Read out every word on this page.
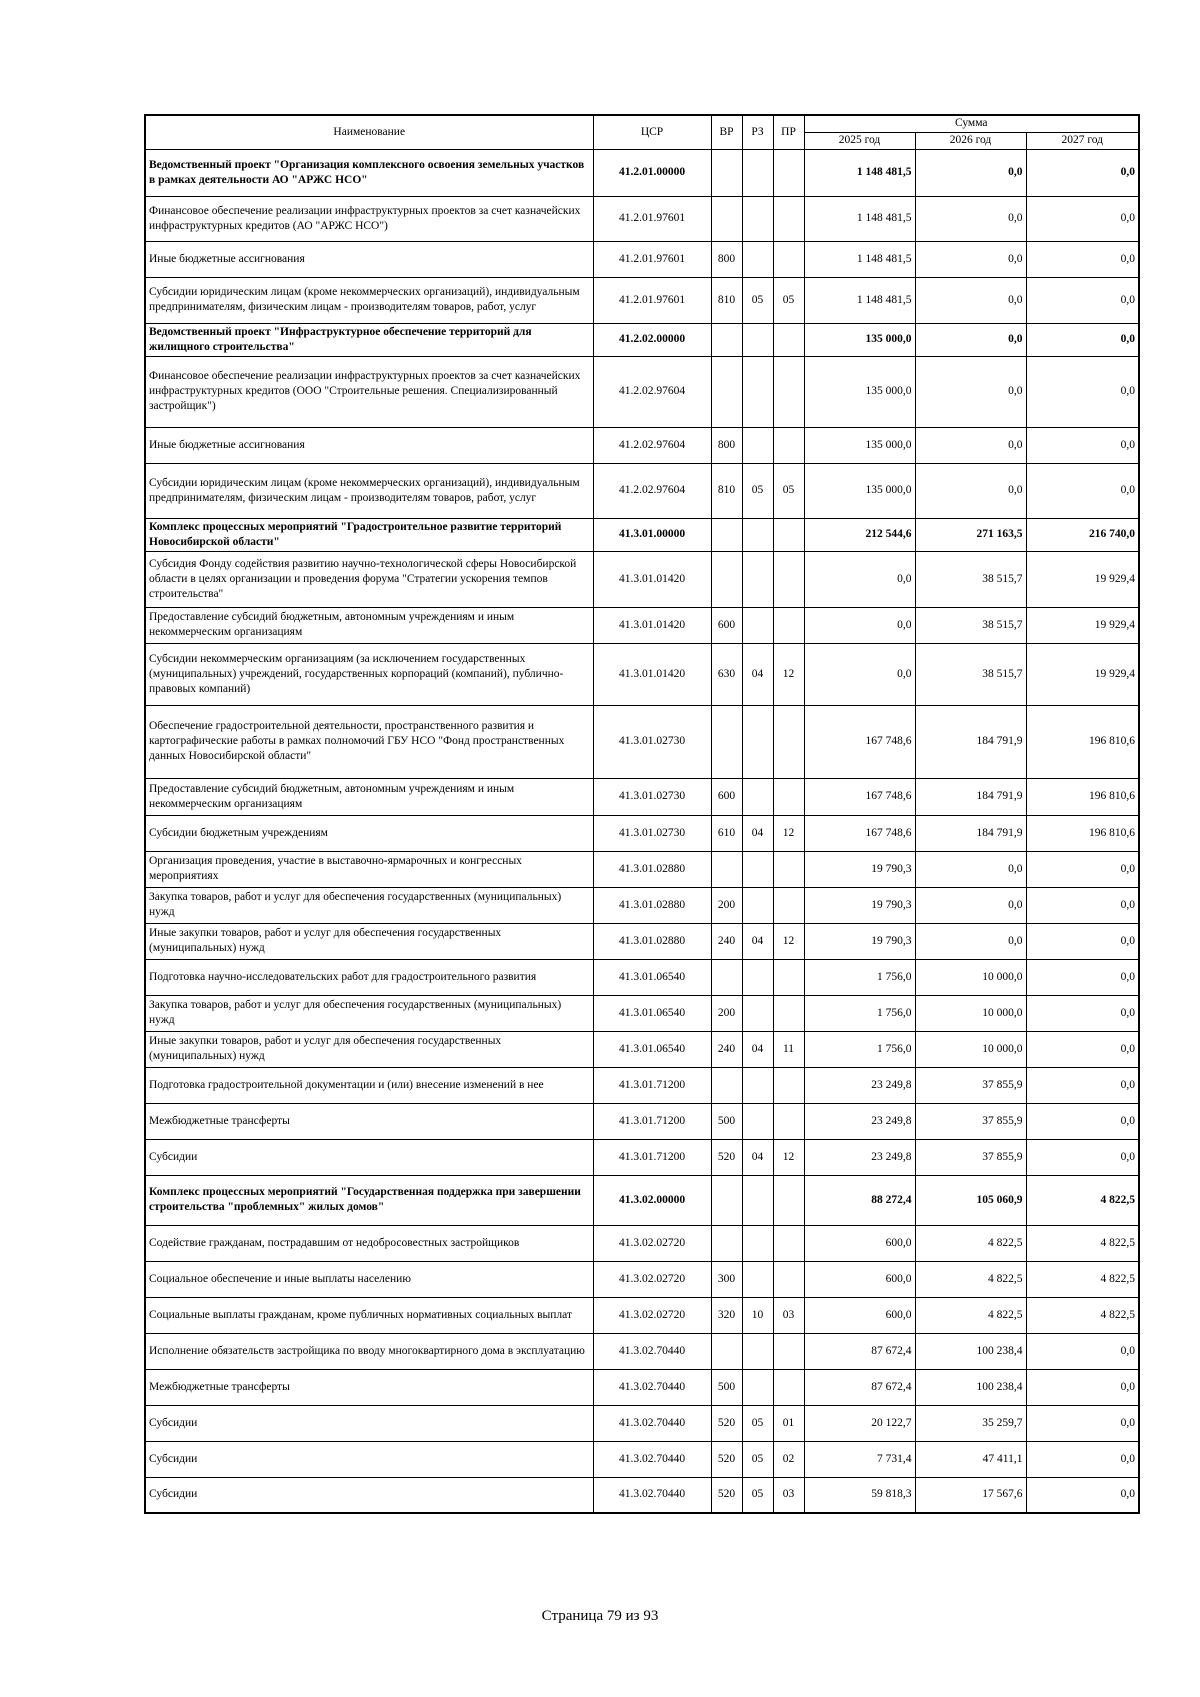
Наименование	ЦСР	ВР	РЗ	ПР	Сумма		
					2025 год	2026 год	2027 год
Ведомственный проект "Организация комплексного освоения земельных участков в рамках деятельности АО "АРЖС НСО"	41.2.01.00000				1 148 481,5	0,0	0,0
Финансовое обеспечение реализации инфраструктурных проектов за счет казначейских инфраструктурных кредитов (АО "АРЖС НСО")	41.2.01.97601				1 148 481,5	0,0	0,0
Иные бюджетные ассигнования	41.2.01.97601	800			1 148 481,5	0,0	0,0
Субсидии юридическим лицам (кроме некоммерческих организаций), индивидуальным предпринимателям, физическим лицам - производителям товаров, работ, услуг	41.2.01.97601	810	05	05	1 148 481,5	0,0	0,0
Ведомственный проект "Инфраструктурное обеспечение территорий для жилищного строительства"	41.2.02.00000				135 000,0	0,0	0,0
Финансовое обеспечение реализации инфраструктурных проектов за счет казначейских инфраструктурных кредитов (ООО "Строительные решения. Специализированный застройщик")	41.2.02.97604				135 000,0	0,0	0,0
Иные бюджетные ассигнования	41.2.02.97604	800			135 000,0	0,0	0,0
Субсидии юридическим лицам (кроме некоммерческих организаций), индивидуальным предпринимателям, физическим лицам - производителям товаров, работ, услуг	41.2.02.97604	810	05	05	135 000,0	0,0	0,0
Комплекс процессных мероприятий "Градостроительное развитие территорий Новосибирской области"	41.3.01.00000				212 544,6	271 163,5	216 740,0
Субсидия Фонду содействия развитию научно-технологической сферы Новосибирской области в целях организации и проведения форума "Стратегии ускорения темпов строительства"	41.3.01.01420				0,0	38 515,7	19 929,4
Предоставление субсидий бюджетным, автономным учреждениям и иным некоммерческим организациям	41.3.01.01420	600			0,0	38 515,7	19 929,4
Субсидии некоммерческим организациям (за исключением государственных (муниципальных) учреждений, государственных корпораций (компаний), публично-правовых компаний)	41.3.01.01420	630	04	12	0,0	38 515,7	19 929,4
Обеспечение градостроительной деятельности, пространственного развития и картографические работы в рамках полномочий ГБУ НСО "Фонд пространственных данных Новосибирской области"	41.3.01.02730				167 748,6	184 791,9	196 810,6
Предоставление субсидий бюджетным, автономным учреждениям и иным некоммерческим организациям	41.3.01.02730	600			167 748,6	184 791,9	196 810,6
Субсидии бюджетным учреждениям	41.3.01.02730	610	04	12	167 748,6	184 791,9	196 810,6
Организация проведения, участие в выставочно-ярмарочных и конгрессных мероприятиях	41.3.01.02880				19 790,3	0,0	0,0
Закупка товаров, работ и услуг для обеспечения государственных (муниципальных) нужд	41.3.01.02880	200			19 790,3	0,0	0,0
Иные закупки товаров, работ и услуг для обеспечения государственных (муниципальных) нужд	41.3.01.02880	240	04	12	19 790,3	0,0	0,0
Подготовка научно-исследовательских работ для градостроительного развития	41.3.01.06540				1 756,0	10 000,0	0,0
Закупка товаров, работ и услуг для обеспечения государственных (муниципальных) нужд	41.3.01.06540	200			1 756,0	10 000,0	0,0
Иные закупки товаров, работ и услуг для обеспечения государственных (муниципальных) нужд	41.3.01.06540	240	04	11	1 756,0	10 000,0	0,0
Подготовка градостроительной документации и (или) внесение изменений в нее	41.3.01.71200				23 249,8	37 855,9	0,0
Межбюджетные трансферты	41.3.01.71200	500			23 249,8	37 855,9	0,0
Субсидии	41.3.01.71200	520	04	12	23 249,8	37 855,9	0,0
Комплекс процессных мероприятий "Государственная поддержка при завершении строительства "проблемных" жилых домов"	41.3.02.00000				88 272,4	105 060,9	4 822,5
Содействие гражданам, пострадавшим от недобросовестных застройщиков	41.3.02.02720				600,0	4 822,5	4 822,5
Социальное обеспечение и иные выплаты населению	41.3.02.02720	300			600,0	4 822,5	4 822,5
Социальные выплаты гражданам, кроме публичных нормативных социальных выплат	41.3.02.02720	320	10	03	600,0	4 822,5	4 822,5
Исполнение обязательств застройщика по вводу многоквартирного дома в эксплуатацию	41.3.02.70440				87 672,4	100 238,4	0,0
Межбюджетные трансферты	41.3.02.70440	500			87 672,4	100 238,4	0,0
Субсидии	41.3.02.70440	520	05	01	20 122,7	35 259,7	0,0
Субсидии	41.3.02.70440	520	05	02	7 731,4	47 411,1	0,0
Субсидии	41.3.02.70440	520	05	03	59 818,3	17 567,6	0,0
Страница 79 из 93
